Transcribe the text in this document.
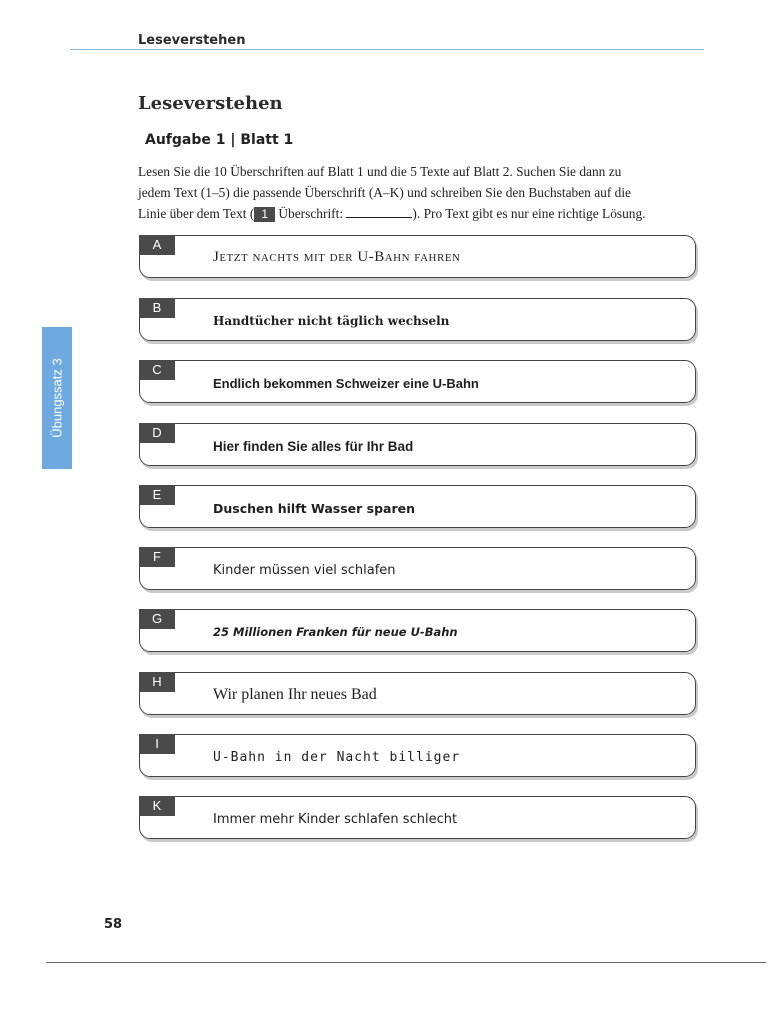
Leseverstehen
Leseverstehen
Aufgabe 1 | Blatt 1
Lesen Sie die 10 Überschriften auf Blatt 1 und die 5 Texte auf Blatt 2. Suchen Sie dann zu
jedem Text (1–5) die passende Überschrift (A–K) und schreiben Sie den Buchstaben auf die
Linie über dem Text ( 1 Überschrift:	). Pro Text gibt es nur eine richtige Lösung.
Übungssatz 3
A
Jetzt nachts mit der U-Bahn fahren
B
Handtücher nicht täglich wechseln
C
Endlich bekommen Schweizer eine U-Bahn
D
Hier finden Sie alles für Ihr Bad
E
Duschen hilft Wasser sparen
F
Kinder müssen viel schlafen
G
25 Millionen Franken für neue U-Bahn
H
Wir planen Ihr neues Bad
I
U-Bahn in der Nacht billiger
K
Immer mehr Kinder schlafen schlecht
58
